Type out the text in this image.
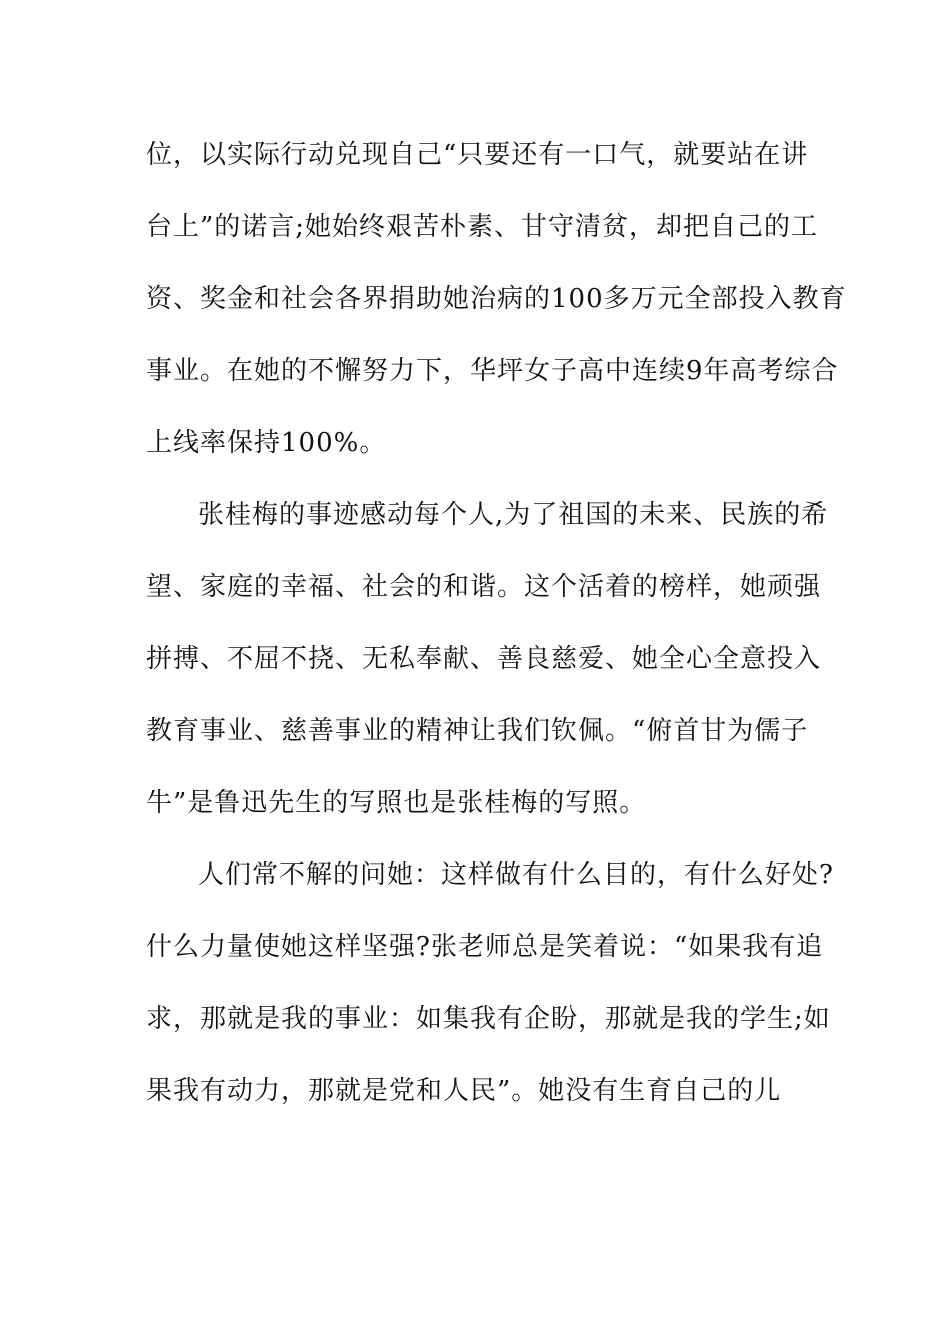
位，以实际行动兑现自己“只要还有一口气，就要站在讲
台上”的诺言;她始终艰苦朴素、甘守清贫，却把自己的工
资、奖金和社会各界捐助她治病的100多万元全部投入教育
事业。在她的不懈努力下，华坪女子高中连续9年高考综合
上线率保持100%。
张桂梅的事迹感动每个人,为了祖国的未来、民族的希
望、家庭的幸福、社会的和谐。这个活着的榜样，她顽强
拼搏、不屈不挠、无私奉献、善良慈爱、她全心全意投入
教育事业、慈善事业的精神让我们钦佩。“俯首甘为儒子
牛”是鲁迅先生的写照也是张桂梅的写照。
人们常不解的问她：这样做有什么目的，有什么好处?
什么力量使她这样坚强?张老师总是笑着说：“如果我有追
求，那就是我的事业：如集我有企盼，那就是我的学生;如
果我有动力，那就是党和人民”。她没有生育自己的儿
